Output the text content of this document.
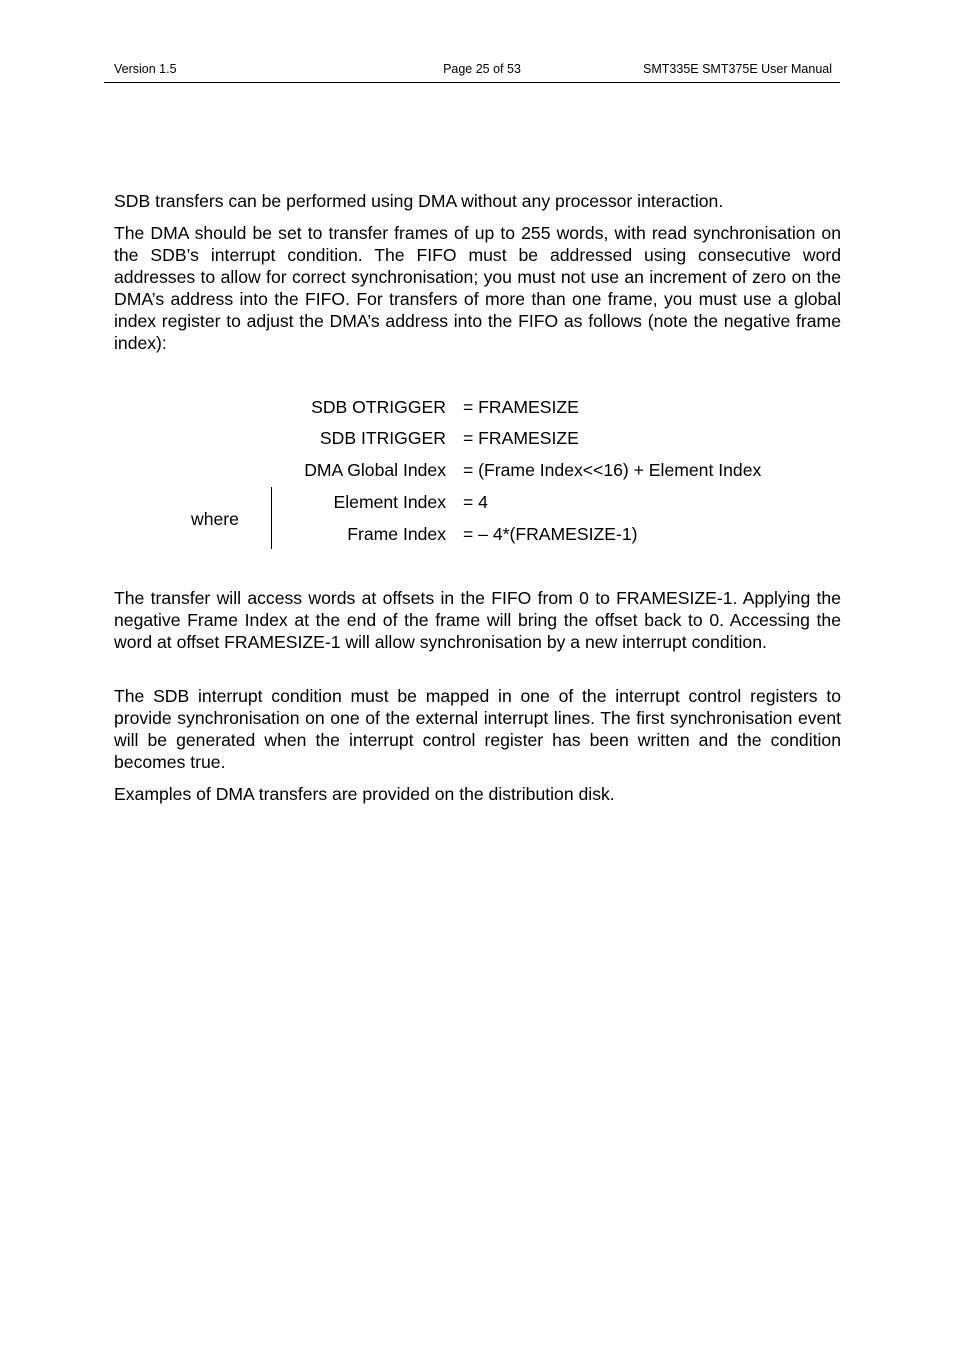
Version 1.5	Page 25 of 53	SMT335E SMT375E User Manual

SDB transfers can be performed using DMA without any processor interaction.

The DMA should be set to transfer frames of up to 255 words, with read synchronisation on the SDB’s interrupt condition. The FIFO must be addressed using consecutive word addresses to allow for correct synchronisation; you must not use an increment of zero on the DMA’s address into the FIFO. For transfers of more than one frame, you must use a global index register to adjust the DMA’s address into the FIFO as follows (note the negative frame index):

SDB OTRIGGER = FRAMESIZE
SDB ITRIGGER = FRAMESIZE
DMA Global Index = (Frame Index<<16) + Element Index
where
Element Index = 4
Frame Index = – 4*(FRAMESIZE-1)

The transfer will access words at offsets in the FIFO from 0 to FRAMESIZE-1. Applying the negative Frame Index at the end of the frame will bring the offset back to 0. Accessing the word at offset FRAMESIZE-1 will allow synchronisation by a new interrupt condition.

The SDB interrupt condition must be mapped in one of the interrupt control registers to provide synchronisation on one of the external interrupt lines. The first synchronisation event will be generated when the interrupt control register has been written and the condition becomes true.

Examples of DMA transfers are provided on the distribution disk.
